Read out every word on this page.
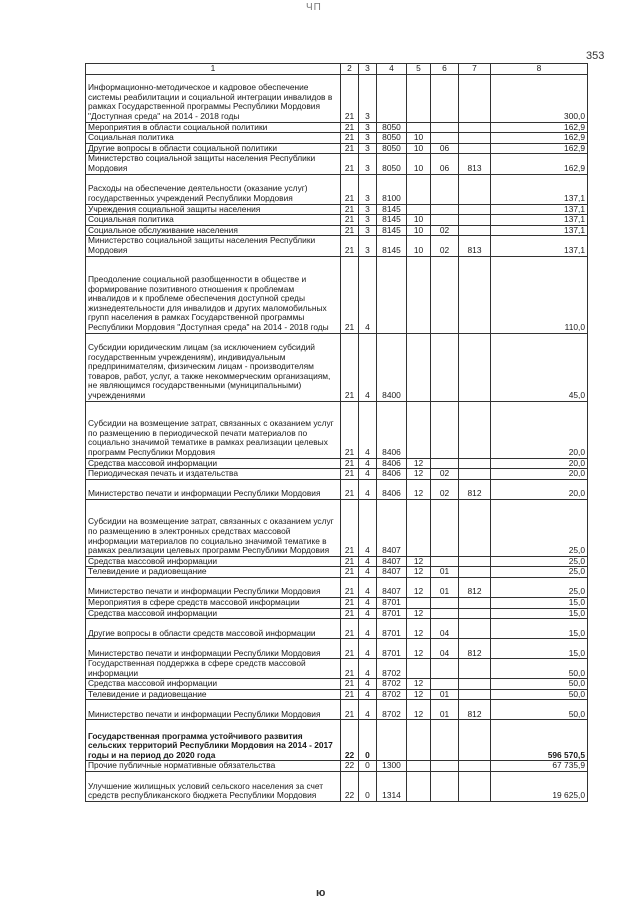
ЧП
353
1	2	3	4	5	6	7	8
Информационно-методическое и кадровое обеспечение системы реабилитации и социальной интеграции инвалидов в рамках Государственной программы Республики Мордовия "Доступная среда" на 2014 - 2018 годы	21	3					300,0
Мероприятия в области социальной политики	21	3	8050				162,9
Социальная политика	21	3	8050	10			162,9
Другие вопросы в области социальной политики	21	3	8050	10	06		162,9
Министерство социальной защиты населения Республики Мордовия	21	3	8050	10	06	813	162,9
Расходы на обеспечение деятельности (оказание услуг) государственных учреждений Республики Мордовия	21	3	8100				137,1
Учреждения социальной защиты населения	21	3	8145				137,1
Социальная политика	21	3	8145	10			137,1
Социальное обслуживание населения	21	3	8145	10	02		137,1
Министерство социальной защиты населения Республики Мордовия	21	3	8145	10	02	813	137,1
Преодоление социальной разобщенности в обществе и формирование позитивного отношения к проблемам инвалидов и к проблеме обеспечения доступной среды жизнедеятельности для инвалидов и других маломобильных групп населения в рамках Государственной программы Республики Мордовия "Доступная среда" на 2014 - 2018 годы	21	4					110,0
Субсидии юридическим лицам (за исключением субсидий государственным учреждениям), индивидуальным предпринимателям, физическим лицам - производителям товаров, работ, услуг, а также некоммерческим организациям, не являющимся государственными (муниципальными) учреждениями	21	4	8400				45,0
Субсидии на возмещение затрат, связанных с оказанием услуг по размещению в периодической печати материалов по социально значимой тематике в рамках реализации целевых программ Республики Мордовия	21	4	8406				20,0
Средства массовой информации	21	4	8406	12			20,0
Периодическая печать и издательства	21	4	8406	12	02		20,0
Министерство печати и информации Республики Мордовия	21	4	8406	12	02	812	20,0
Субсидии на возмещение затрат, связанных с оказанием услуг по размещению в электронных средствах массовой информации материалов по социально значимой тематике в рамках реализации целевых программ Республики Мордовия	21	4	8407				25,0
Средства массовой информации	21	4	8407	12			25,0
Телевидение и радиовещание	21	4	8407	12	01		25,0
Министерство печати и информации Республики Мордовия	21	4	8407	12	01	812	25,0
Мероприятия в сфере средств массовой информации	21	4	8701				15,0
Средства массовой информации	21	4	8701	12			15,0
Другие вопросы в области средств массовой информации	21	4	8701	12	04		15,0
Министерство печати и информации Республики Мордовия	21	4	8701	12	04	812	15,0
Государственная поддержка в сфере средств массовой информации	21	4	8702				50,0
Средства массовой информации	21	4	8702	12			50,0
Телевидение и радиовещание	21	4	8702	12	01		50,0
Министерство печати и информации Республики Мордовия	21	4	8702	12	01	812	50,0
Государственная программа устойчивого развития сельских территорий Республики Мордовия на 2014 - 2017 годы и на период до 2020 года	22	0					596 570,5
Прочие публичные нормативные обязательства	22	0	1300				67 735,9
Улучшение жилищных условий сельского населения за счет средств республиканского бюджета Республики Мордовия	22	0	1314				19 625,0
ю
